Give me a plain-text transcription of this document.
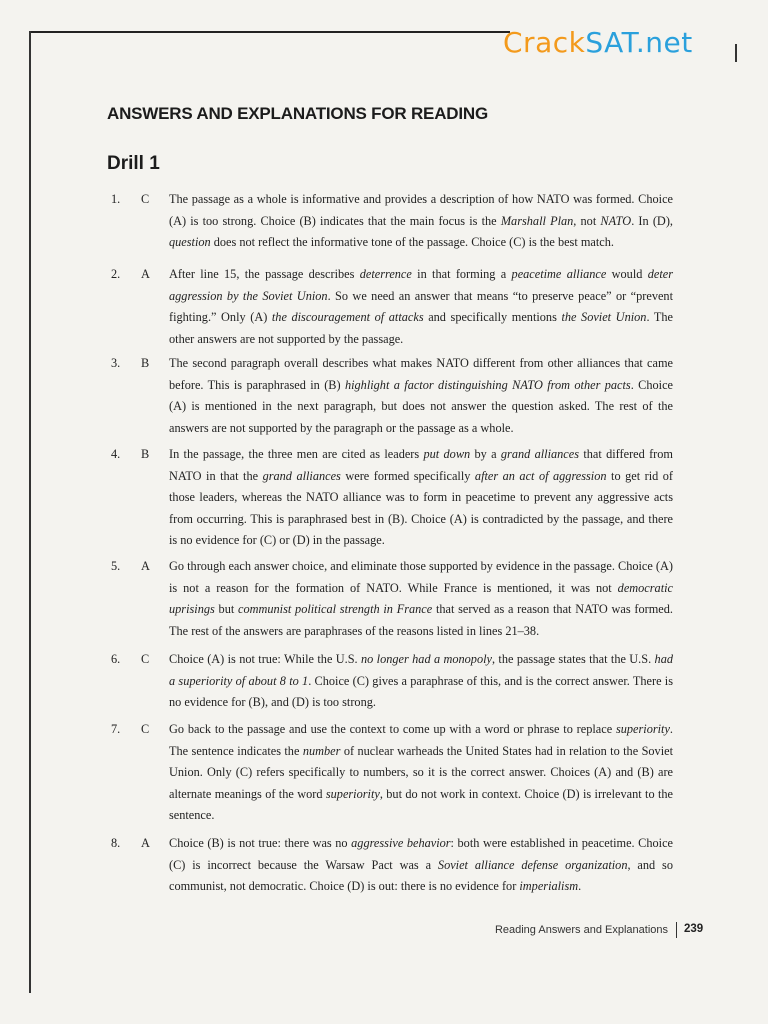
CrackSAT.net
ANSWERS AND EXPLANATIONS FOR READING
Drill 1
1. C The passage as a whole is informative and provides a description of how NATO was formed. Choice (A) is too strong. Choice (B) indicates that the main focus is the Marshall Plan, not NATO. In (D), question does not reflect the informative tone of the passage. Choice (C) is the best match.

2. A After line 15, the passage describes deterrence in that forming a peacetime alliance would deter aggression by the Soviet Union. So we need an answer that means “to preserve peace” or “prevent fighting.” Only (A) the discouragement of attacks and specifically mentions the Soviet Union. The other answers are not supported by the passage.

3. B The second paragraph overall describes what makes NATO different from other alliances that came before. This is paraphrased in (B) highlight a factor distinguishing NATO from other pacts. Choice (A) is mentioned in the next paragraph, but does not answer the question asked. The rest of the answers are not supported by the paragraph or the passage as a whole.

4. B In the passage, the three men are cited as leaders put down by a grand alliances that differed from NATO in that the grand alliances were formed specifically after an act of aggression to get rid of those leaders, whereas the NATO alliance was to form in peacetime to prevent any aggressive acts from occurring. This is paraphrased best in (B). Choice (A) is contradicted by the passage, and there is no evidence for (C) or (D) in the passage.

5. A Go through each answer choice, and eliminate those supported by evidence in the passage. Choice (A) is not a reason for the formation of NATO. While France is mentioned, it was not democratic uprisings but communist political strength in France that served as a reason that NATO was formed. The rest of the answers are paraphrases of the reasons listed in lines 21–38.

6. C Choice (A) is not true: While the U.S. no longer had a monopoly, the passage states that the U.S. had a superiority of about 8 to 1. Choice (C) gives a paraphrase of this, and is the correct answer. There is no evidence for (B), and (D) is too strong.

7. C Go back to the passage and use the context to come up with a word or phrase to replace superiority. The sentence indicates the number of nuclear warheads the United States had in relation to the Soviet Union. Only (C) refers specifically to numbers, so it is the correct answer. Choices (A) and (B) are alternate meanings of the word superiority, but do not work in context. Choice (D) is irrelevant to the sentence.

8. A Choice (B) is not true: there was no aggressive behavior: both were established in peacetime. Choice (C) is incorrect because the Warsaw Pact was a Soviet alliance defense organization, and so communist, not democratic. Choice (D) is out: there is no evidence for imperialism.

Reading Answers and Explanations 239
